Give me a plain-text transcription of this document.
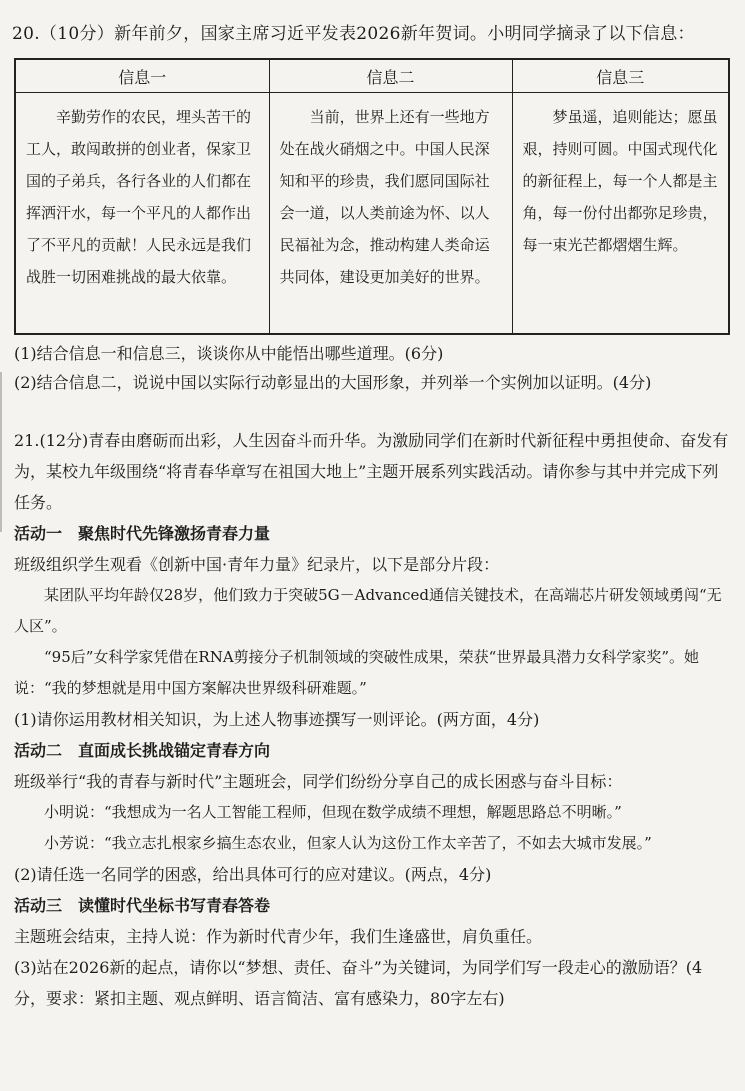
20.（10分）新年前夕，国家主席习近平发表2026新年贺词。小明同学摘录了以下信息：
信息一	信息二	信息三

辛勤劳作的农民，埋头苦干的工人，敢闯敢拼的创业者，保家卫国的子弟兵，各行各业的人们都在挥洒汗水，每一个平凡的人都作出了不平凡的贡献！人民永远是我们战胜一切困难挑战的最大依靠。	当前，世界上还有一些地方处在战火硝烟之中。中国人民深知和平的珍贵，我们愿同国际社会一道，以人类前途为怀、以人民福祉为念，推动构建人类命运共同体，建设更加美好的世界。	梦虽遥，追则能达；愿虽艰，持则可圆。中国式现代化的新征程上，每一个人都是主角，每一份付出都弥足珍贵，每一束光芒都熠熠生辉。

(1)结合信息一和信息三，谈谈你从中能悟出哪些道理。(6分)
(2)结合信息二，说说中国以实际行动彰显出的大国形象，并列举一个实例加以证明。(4分)

21.(12分)青春由磨砺而出彩，人生因奋斗而升华。为激励同学们在新时代新征程中勇担使命、奋发有为，某校九年级围绕“将青春华章写在祖国大地上”主题开展系列实践活动。请你参与其中并完成下列任务。

活动一　聚焦时代先锋激扬青春力量

班级组织学生观看《创新中国·青年力量》纪录片，以下是部分片段：

某团队平均年龄仅28岁，他们致力于突破5G－Advanced通信关键技术，在高端芯片研发领域勇闯“无人区”。

“95后”女科学家凭借在RNA剪接分子机制领域的突破性成果，荣获“世界最具潜力女科学家奖”。她说：“我的梦想就是用中国方案解决世界级科研难题。”

(1)请你运用教材相关知识，为上述人物事迹撰写一则评论。(两方面，4分)

活动二　直面成长挑战锚定青春方向

班级举行“我的青春与新时代”主题班会，同学们纷纷分享自己的成长困惑与奋斗目标：

小明说：“我想成为一名人工智能工程师，但现在数学成绩不理想，解题思路总不明晰。”

小芳说：“我立志扎根家乡搞生态农业，但家人认为这份工作太辛苦了，不如去大城市发展。”

(2)请任选一名同学的困惑，给出具体可行的应对建议。(两点，4分)

活动三　读懂时代坐标书写青春答卷

主题班会结束，主持人说：作为新时代青少年，我们生逢盛世，肩负重任。

(3)站在2026新的起点，请你以“梦想、责任、奋斗”为关键词，为同学们写一段走心的激励语？(4分，要求：紧扣主题、观点鲜明、语言简洁、富有感染力，80字左右)
